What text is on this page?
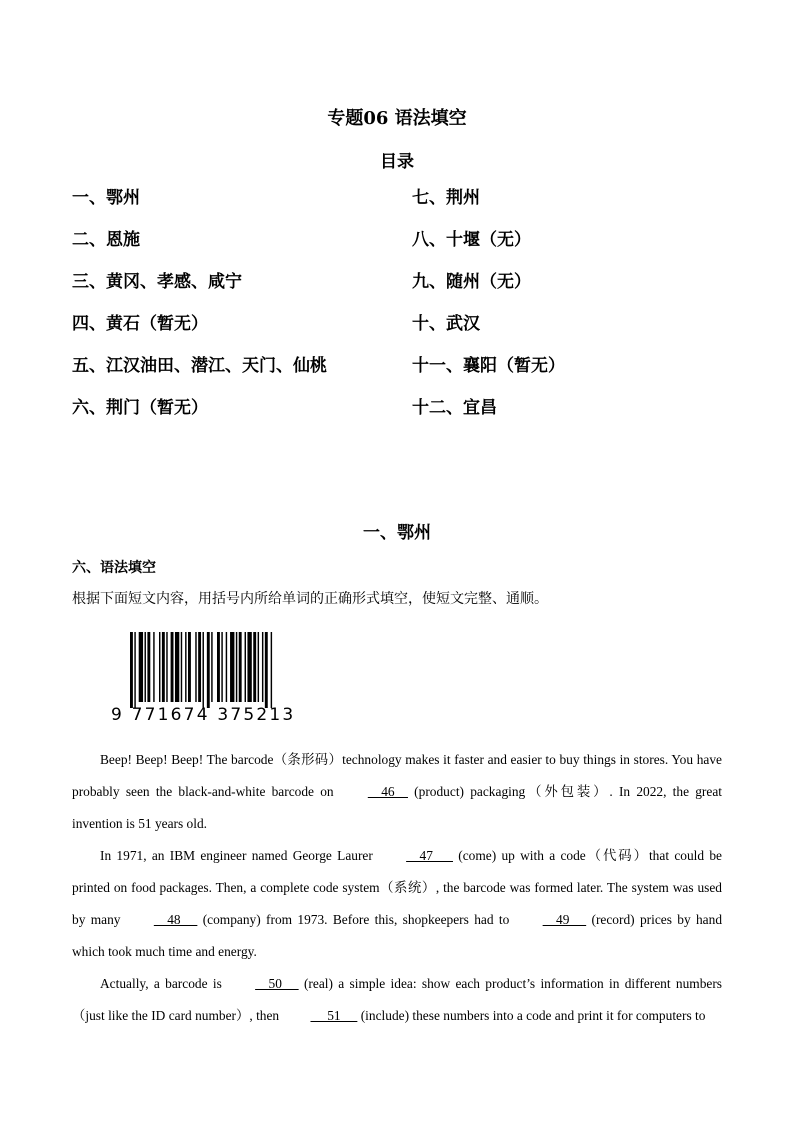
专题06 语法填空
目录
一、鄂州	七、荆州
二、恩施	八、十堰（无）
三、黄冈、孝感、咸宁	九、随州（无）
四、黄石（暂无）	十、武汉
五、江汉油田、潜江、天门、仙桃	十一、襄阳（暂无）
六、荆门（暂无）	十二、宜昌
一、鄂州
六、语法填空
根据下面短文内容，用括号内所给单词的正确形式填空，使短文完整、通顺。
9 771674 375213

Beep! Beep! Beep! The barcode（条形码）technology makes it faster and easier to buy things in stores. You have probably seen the black-and-white barcode on     46     (product) packaging（外包装）. In 2022, the great invention is 51 years old.

In 1971, an IBM engineer named George Laurer     47       (come) up with a code（代码）that could be printed on food packages. Then, a complete code system（系统）, the barcode was formed later. The system was used by many     48      (company) from 1973. Before this, shopkeepers had to     49      (record) prices by hand which took much time and energy.

Actually, a barcode is     50      (real) a simple idea: show each product’s information in different numbers （just like the ID card number）, then      51      (include) these numbers into a code and print it for computers to
